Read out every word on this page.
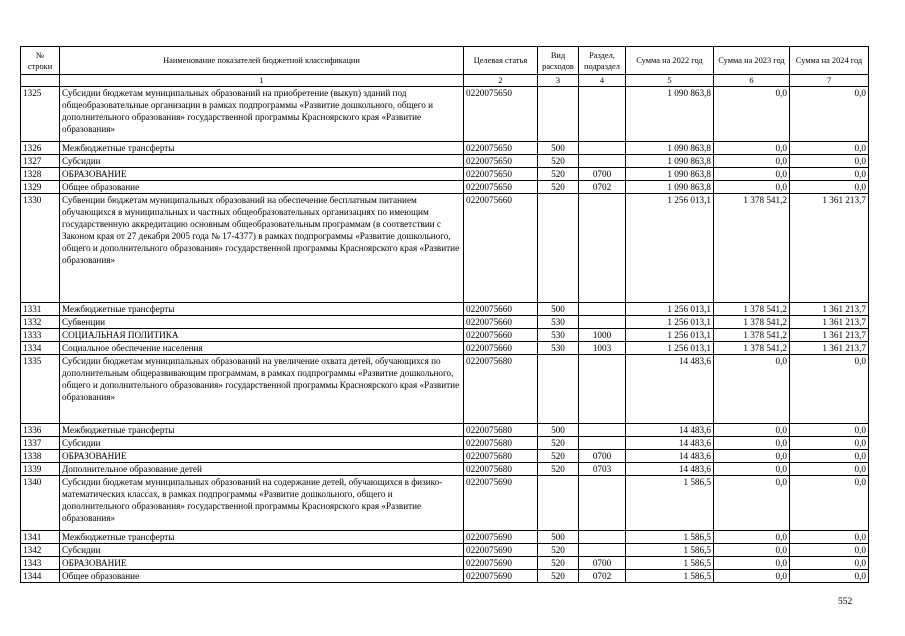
№ строки	Наименование показателей бюджетной классификации	Целевая статья	Вид расходов	Раздел, подраздел	Сумма на 2022 год	Сумма на 2023 год	Сумма на 2024 год
	1	2	3	4	5	6	7
1325	Субсидии бюджетам муниципальных образований на приобретение (выкуп) зданий под общеобразовательные организации в рамках подпрограммы «Развитие дошкольного, общего и дополнительного образования» государственной программы Красноярского края «Развитие образования»	0220075650			1 090 863,8	0,0	0,0
1326	Межбюджетные трансферты	0220075650	500		1 090 863,8	0,0	0,0
1327	Субсидии	0220075650	520		1 090 863,8	0,0	0,0
1328	ОБРАЗОВАНИЕ	0220075650	520	0700	1 090 863,8	0,0	0,0
1329	Общее образование	0220075650	520	0702	1 090 863,8	0,0	0,0
1330	Субвенции бюджетам муниципальных образований на обеспечение бесплатным питанием обучающихся в муниципальных и частных общеобразовательных организациях по имеющим государственную аккредитацию основным общеобразовательным программам (в соответствии с Законом края от 27 декабря 2005 года № 17-4377) в рамках подпрограммы «Развитие дошкольного, общего и дополнительного образования» государственной программы Красноярского края «Развитие образования»	0220075660			1 256 013,1	1 378 541,2	1 361 213,7
1331	Межбюджетные трансферты	0220075660	500		1 256 013,1	1 378 541,2	1 361 213,7
1332	Субвенции	0220075660	530		1 256 013,1	1 378 541,2	1 361 213,7
1333	СОЦИАЛЬНАЯ ПОЛИТИКА	0220075660	530	1000	1 256 013,1	1 378 541,2	1 361 213,7
1334	Социальное обеспечение населения	0220075660	530	1003	1 256 013,1	1 378 541,2	1 361 213,7
1335	Субсидии бюджетам муниципальных образований на увеличение охвата детей, обучающихся по дополнительным общеразвивающим программам, в рамках подпрограммы «Развитие дошкольного, общего и дополнительного образования» государственной программы Красноярского края «Развитие образования»	0220075680			14 483,6	0,0	0,0
1336	Межбюджетные трансферты	0220075680	500		14 483,6	0,0	0,0
1337	Субсидии	0220075680	520		14 483,6	0,0	0,0
1338	ОБРАЗОВАНИЕ	0220075680	520	0700	14 483,6	0,0	0,0
1339	Дополнительное образование детей	0220075680	520	0703	14 483,6	0,0	0,0
1340	Субсидии бюджетам муниципальных образований на содержание детей, обучающихся в физико-математических классах, в рамках подпрограммы «Развитие дошкольного, общего и дополнительного образования» государственной программы Красноярского края «Развитие образования»	0220075690			1 586,5	0,0	0,0
1341	Межбюджетные трансферты	0220075690	500		1 586,5	0,0	0,0
1342	Субсидии	0220075690	520		1 586,5	0,0	0,0
1343	ОБРАЗОВАНИЕ	0220075690	520	0700	1 586,5	0,0	0,0
1344	Общее образование	0220075690	520	0702	1 586,5	0,0	0,0
552
